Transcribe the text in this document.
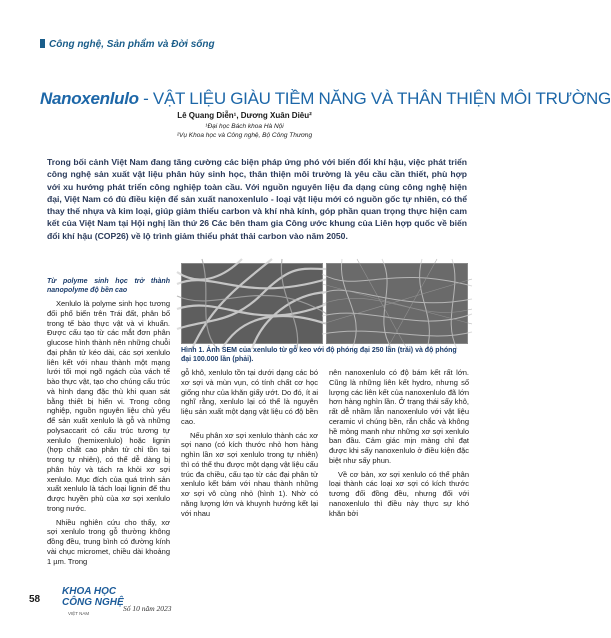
Công nghệ, Sản phẩm và Đời sống
Nanoxenlulo - VẬT LIỆU GIÀU TIỀM NĂNG VÀ THÂN THIỆN MÔI TRƯỜNG
Lê Quang Diễn¹, Dương Xuân Diêu²
¹Đại học Bách khoa Hà Nội
²Vụ Khoa học và Công nghệ, Bộ Công Thương
Trong bối cảnh Việt Nam đang tăng cường các biện pháp ứng phó với biến đổi khí hậu, việc phát triển công nghệ sản xuất vật liệu phân hủy sinh học, thân thiện môi trường là yêu cầu cần thiết, phù hợp với xu hướng phát triển công nghiệp toàn cầu. Với nguồn nguyên liệu đa dạng cùng công nghệ hiện đại, Việt Nam có đủ điều kiện để sản xuất nanoxenlulo - loại vật liệu mới có nguồn gốc tự nhiên, có thể thay thế nhựa và kim loại, giúp giảm thiểu carbon và khí nhà kính, góp phần quan trọng thực hiện cam kết của Việt Nam tại Hội nghị lần thứ 26 Các bên tham gia Công ước khung của Liên hợp quốc về biến đổi khí hậu (COP26) về lộ trình giảm thiểu phát thải carbon vào năm 2050.

Từ polyme sinh học trở thành nanopolyme độ bền cao

Xenlulo là polyme sinh học tương đối phổ biến trên Trái đất, phân bố trong tế bào thực vật và vi khuẩn. Được cấu tạo từ các mắt đơn phân glucose hình thành nên những chuỗi đại phân tử kéo dài, các sợi xenlulo liên kết với nhau thành một mạng lưới tối mọi ngõ ngách của vách tế bào thực vật, tạo cho chúng cấu trúc và hình dạng đặc thù khi quan sát bằng thiết bị hiển vi. Trong công nghiệp, nguồn nguyên liệu chủ yếu để sản xuất xenlulo là gỗ và những polysaccarit có cấu trúc tương tự xenlulo (hemixenlulo) hoặc lignin (hợp chất cao phân tử chỉ tồn tại trong tự nhiên), có thể dễ dàng bị phân hủy và tách ra khỏi xơ sợi xenlulo. Mục đích của quá trình sản xuất xenlulo là tách loại lignin để thu được huyền phù của xơ sợi xenlulo trong nước.

Nhiều nghiên cứu cho thấy, xơ sợi xenlulo trong gỗ thường không đồng đều, trung bình có đường kính vài chục micromet, chiều dài khoảng 1 µm. Trong

Hình 1. Ảnh SEM của xenlulo từ gỗ keo với độ phóng đại 250 lần (trái) và độ phóng đại 100.000 lần (phải).

gỗ khô, xenlulo tồn tại dưới dạng các bó xơ sợi và mùn vụn, có tính chất cơ học giống như của khăn giấy ướt. Do đó, ít ai nghĩ rằng, xenlulo lại có thể là nguyên liệu sản xuất một dạng vật liệu có độ bền cao.

Nếu phân xơ sợi xenlulo thành các xơ sợi nano (có kích thước nhỏ hơn hàng nghìn lần xơ sợi xenlulo trong tự nhiên) thì có thể thu được một dạng vật liệu cấu trúc đa chiều, cấu tạo từ các đại phân tử xenlulo kết bám với nhau thành những xơ sợi vô cùng nhỏ (hình 1). Nhờ có năng lượng lớn và khuynh hướng kết lại với nhau

nên nanoxenlulo có độ bám kết rất lớn. Cũng là những liên kết hydro, nhưng số lượng các liên kết của nanoxenlulo đã lớn hơn hàng nghìn lần. Ở trạng thái sấy khô, rất dễ nhầm lẫn nanoxenlulo với vật liệu ceramic vì chúng bền, rắn chắc và không hề mỏng manh như những xơ sợi xenlulo ban đầu. Cảm giác mịn màng chỉ đạt được khi sấy nanoxenlulo ở điều kiện đặc biệt như sấy phun.

Về cơ bản, xơ sợi xenlulo có thể phân loại thành các loại xơ sợi có kích thước tương đối đồng đều, nhưng đối với nanoxenlulo thì điều này thực sự khó khăn bởi

58
KHOA HỌC
CÔNG NGHỆ
VIỆT NAM
Số 10 năm 2023
